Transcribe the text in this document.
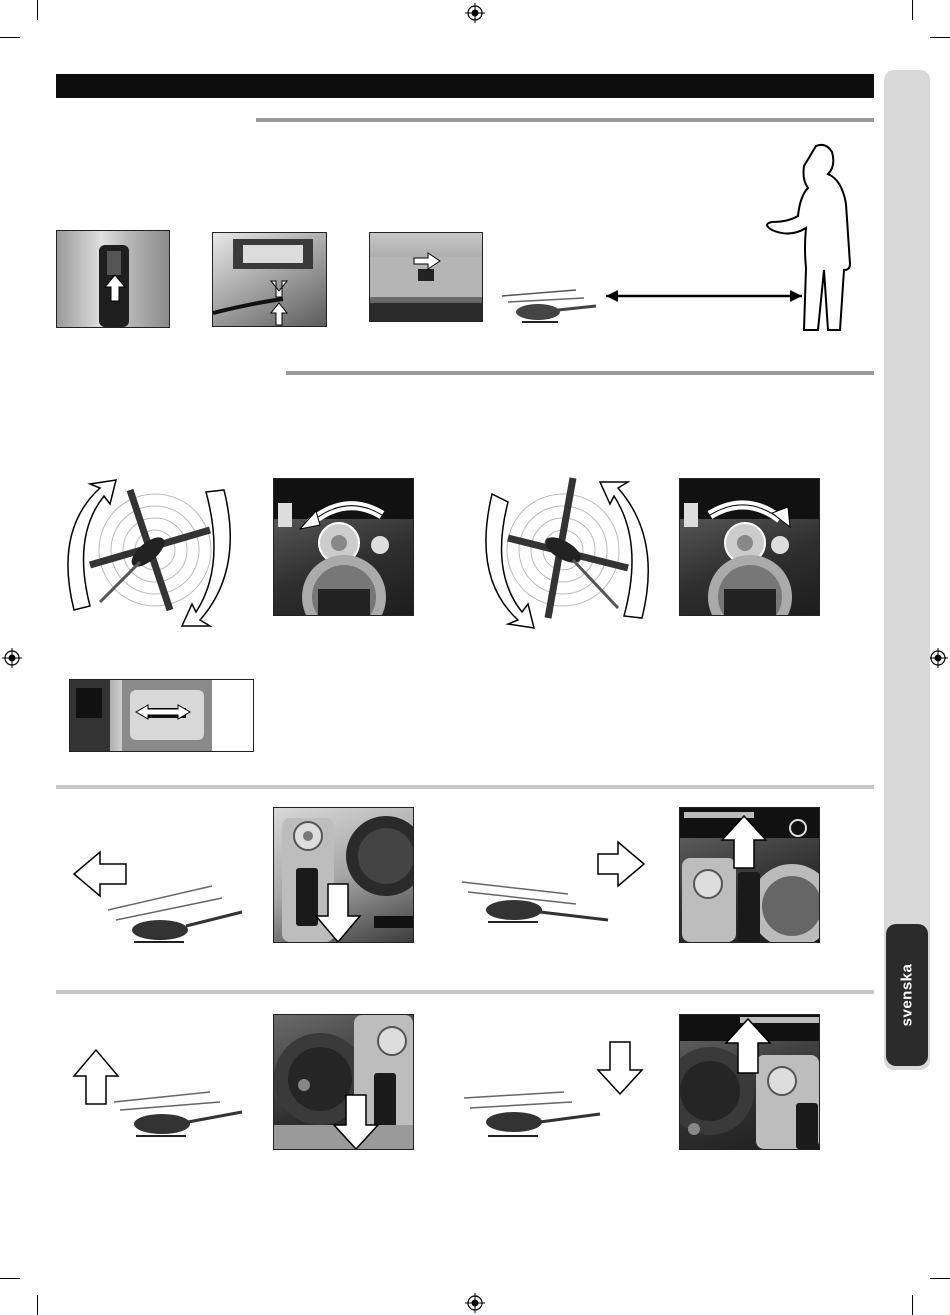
svenska
